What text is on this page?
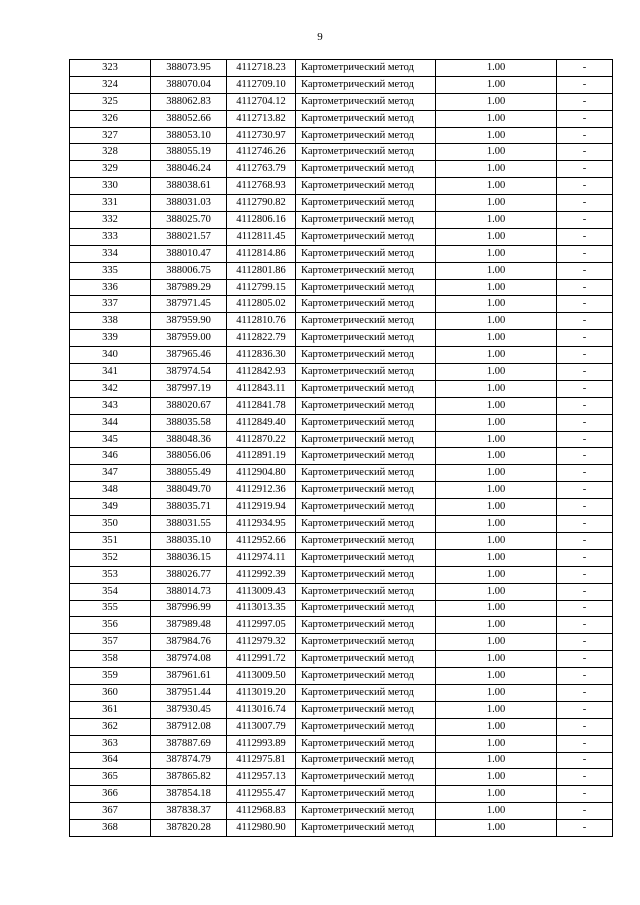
9
323	388073.95	4112718.23	Картометрический метод	1.00	-
324	388070.04	4112709.10	Картометрический метод	1.00	-
325	388062.83	4112704.12	Картометрический метод	1.00	-
326	388052.66	4112713.82	Картометрический метод	1.00	-
327	388053.10	4112730.97	Картометрический метод	1.00	-
328	388055.19	4112746.26	Картометрический метод	1.00	-
329	388046.24	4112763.79	Картометрический метод	1.00	-
330	388038.61	4112768.93	Картометрический метод	1.00	-
331	388031.03	4112790.82	Картометрический метод	1.00	-
332	388025.70	4112806.16	Картометрический метод	1.00	-
333	388021.57	4112811.45	Картометрический метод	1.00	-
334	388010.47	4112814.86	Картометрический метод	1.00	-
335	388006.75	4112801.86	Картометрический метод	1.00	-
336	387989.29	4112799.15	Картометрический метод	1.00	-
337	387971.45	4112805.02	Картометрический метод	1.00	-
338	387959.90	4112810.76	Картометрический метод	1.00	-
339	387959.00	4112822.79	Картометрический метод	1.00	-
340	387965.46	4112836.30	Картометрический метод	1.00	-
341	387974.54	4112842.93	Картометрический метод	1.00	-
342	387997.19	4112843.11	Картометрический метод	1.00	-
343	388020.67	4112841.78	Картометрический метод	1.00	-
344	388035.58	4112849.40	Картометрический метод	1.00	-
345	388048.36	4112870.22	Картометрический метод	1.00	-
346	388056.06	4112891.19	Картометрический метод	1.00	-
347	388055.49	4112904.80	Картометрический метод	1.00	-
348	388049.70	4112912.36	Картометрический метод	1.00	-
349	388035.71	4112919.94	Картометрический метод	1.00	-
350	388031.55	4112934.95	Картометрический метод	1.00	-
351	388035.10	4112952.66	Картометрический метод	1.00	-
352	388036.15	4112974.11	Картометрический метод	1.00	-
353	388026.77	4112992.39	Картометрический метод	1.00	-
354	388014.73	4113009.43	Картометрический метод	1.00	-
355	387996.99	4113013.35	Картометрический метод	1.00	-
356	387989.48	4112997.05	Картометрический метод	1.00	-
357	387984.76	4112979.32	Картометрический метод	1.00	-
358	387974.08	4112991.72	Картометрический метод	1.00	-
359	387961.61	4113009.50	Картометрический метод	1.00	-
360	387951.44	4113019.20	Картометрический метод	1.00	-
361	387930.45	4113016.74	Картометрический метод	1.00	-
362	387912.08	4113007.79	Картометрический метод	1.00	-
363	387887.69	4112993.89	Картометрический метод	1.00	-
364	387874.79	4112975.81	Картометрический метод	1.00	-
365	387865.82	4112957.13	Картометрический метод	1.00	-
366	387854.18	4112955.47	Картометрический метод	1.00	-
367	387838.37	4112968.83	Картометрический метод	1.00	-
368	387820.28	4112980.90	Картометрический метод	1.00	-
